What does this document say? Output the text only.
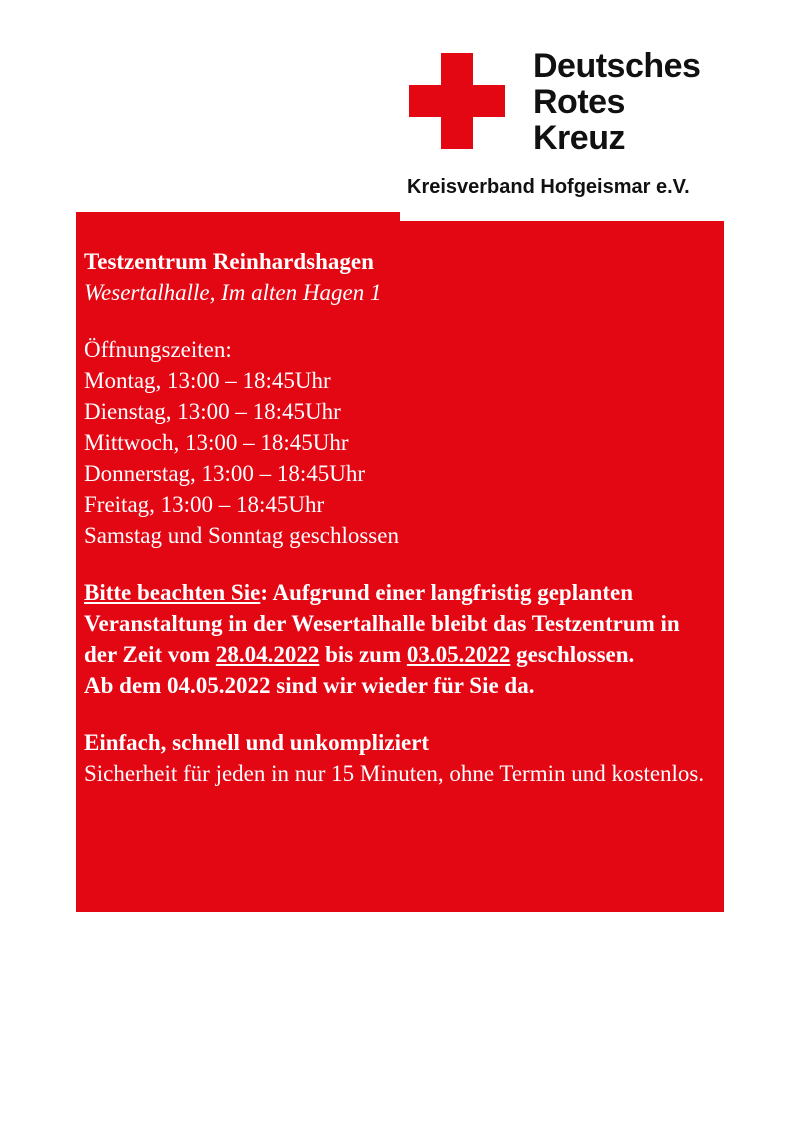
Deutsches
Rotes
Kreuz
Kreisverband Hofgeismar e.V.

Testzentrum Reinhardshagen

Wesertalhalle, Im alten Hagen 1

Öffnungszeiten:

Montag, 13:00 – 18:45Uhr

Dienstag, 13:00 – 18:45Uhr

Mittwoch, 13:00 – 18:45Uhr

Donnerstag, 13:00 – 18:45Uhr

Freitag, 13:00 – 18:45Uhr

Samstag und Sonntag geschlossen

Bitte beachten Sie: Aufgrund einer langfristig geplanten Veranstaltung in der Wesertalhalle bleibt das Testzentrum in der Zeit vom 28.04.2022 bis zum 03.05.2022 geschlossen.

Ab dem 04.05.2022 sind wir wieder für Sie da.

Einfach, schnell und unkompliziert

Sicherheit für jeden in nur 15 Minuten, ohne Termin und kostenlos.
